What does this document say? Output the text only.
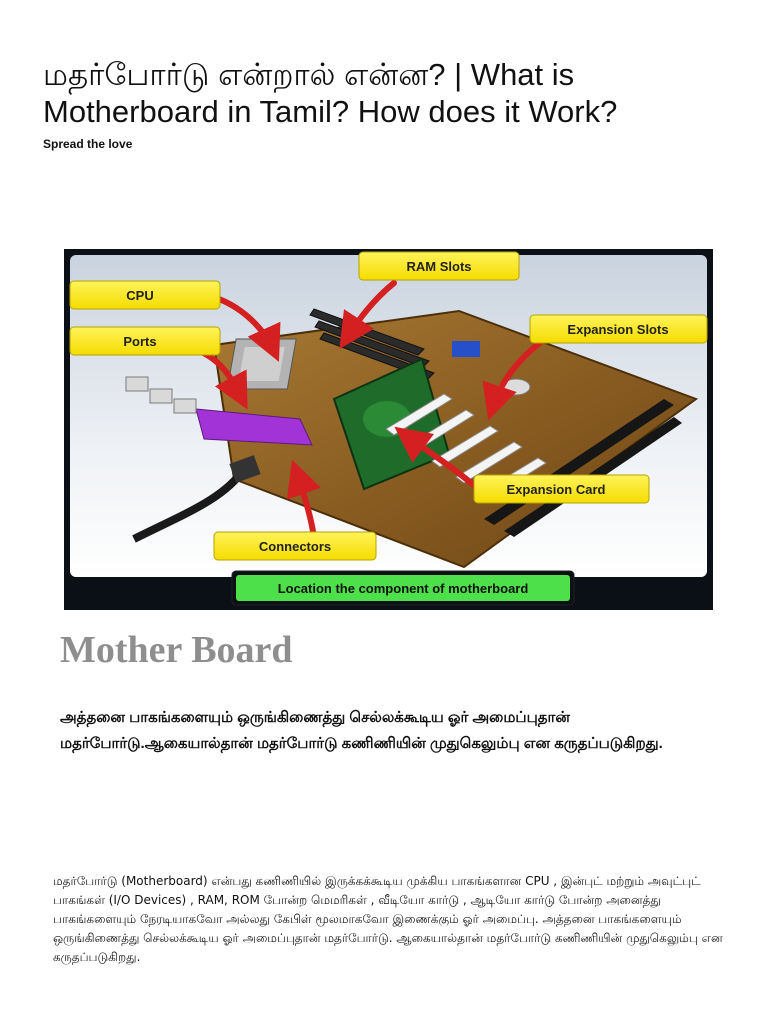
மதர்போர்டு என்றால் என்ன? | What is Motherboard in Tamil? How does it Work?
Spread the love
RAM Slots
CPU
Ports
Expansion Slots
Expansion Card
Connectors
Location the component of motherboard
Mother Board

அத்தனை பாகங்களையும் ஒருங்கிணைத்து செல்லக்கூடிய ஓர் அமைப்புதான் மதர்போர்டு.ஆகையால்தான் மதர்போர்டு கணிணியின் முதுகெலும்பு என கருதப்படுகிறது.

மதர்போர்டு (Motherboard) என்பது கணிணியில் இருக்கக்கூடிய முக்கிய பாகங்களான CPU , இன்புட் மற்றும் அவுட்புட் பாகங்கள் (I/O Devices) , RAM, ROM போன்ற மெமரிகள் , வீடியோ கார்டு , ஆடியோ கார்டு போன்ற அனைத்து பாகங்களையும் நேரடியாகவோ அல்லது கேபிள் மூலமாகவோ இணைக்கும் ஓர் அமைப்பு. அத்தனை பாகங்களையும் ஒருங்கிணைத்து செல்லக்கூடிய ஓர் அமைப்புதான் மதர்போர்டு. ஆகையால்தான் மதர்போர்டு கணிணியின் முதுகெலும்பு என கருதப்படுகிறது.
